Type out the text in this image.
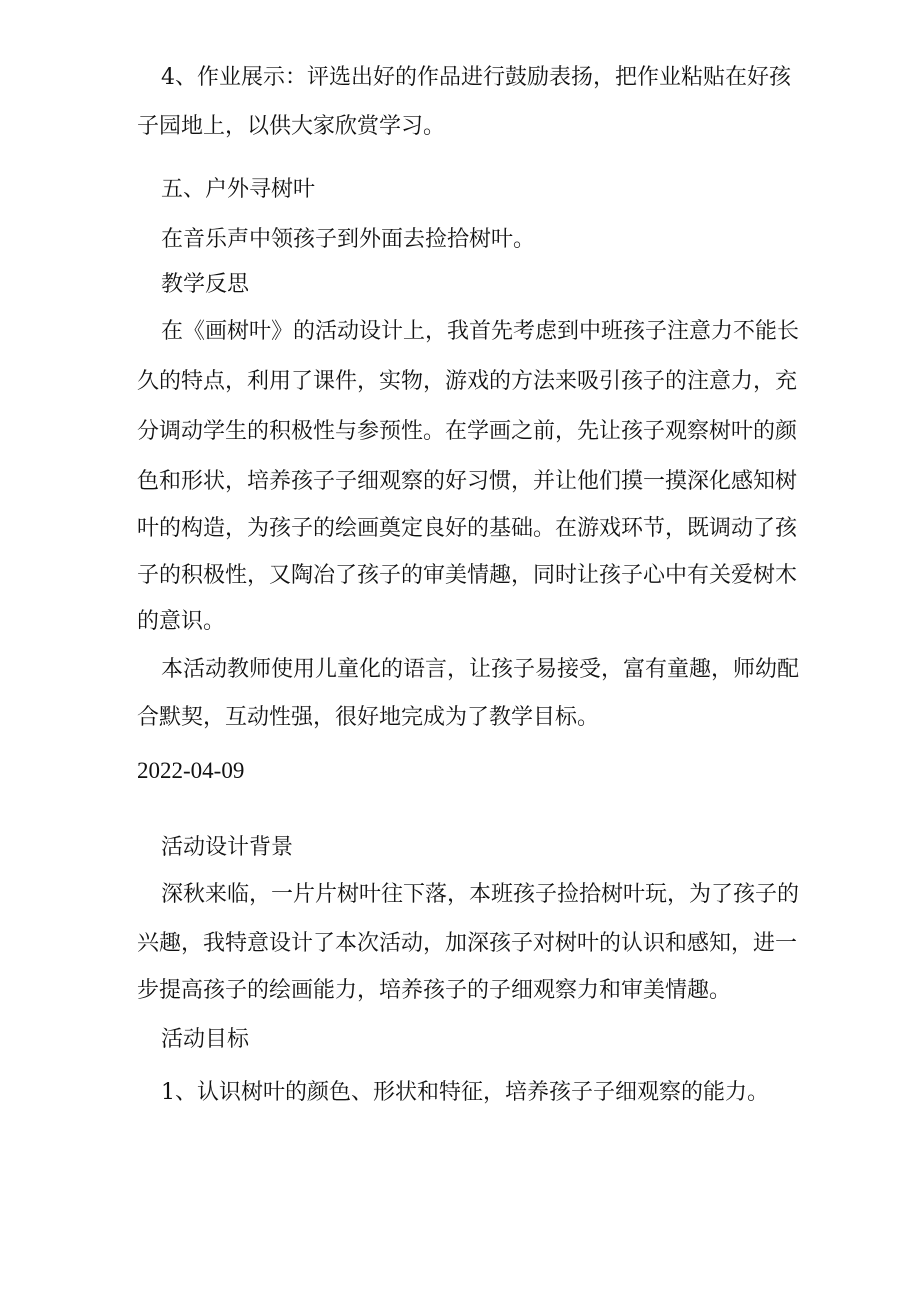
4、作业展示：评选出好的作品进行鼓励表扬，把作业粘贴在好孩
子园地上，以供大家欣赏学习。
五、户外寻树叶
在音乐声中领孩子到外面去捡拾树叶。
教学反思
在《画树叶》的活动设计上，我首先考虑到中班孩子注意力不能长
久的特点，利用了课件，实物，游戏的方法来吸引孩子的注意力，充
分调动学生的积极性与参预性。在学画之前，先让孩子观察树叶的颜
色和形状，培养孩子子细观察的好习惯，并让他们摸一摸深化感知树
叶的构造，为孩子的绘画奠定良好的基础。在游戏环节，既调动了孩
子的积极性，又陶冶了孩子的审美情趣，同时让孩子心中有关爱树木
的意识。
本活动教师使用儿童化的语言，让孩子易接受，富有童趣，师幼配
合默契，互动性强，很好地完成为了教学目标。
2022-04-09
活动设计背景
深秋来临，一片片树叶往下落，本班孩子捡拾树叶玩，为了孩子的
兴趣，我特意设计了本次活动，加深孩子对树叶的认识和感知，进一
步提高孩子的绘画能力，培养孩子的子细观察力和审美情趣。
活动目标
1、认识树叶的颜色、形状和特征，培养孩子子细观察的能力。
